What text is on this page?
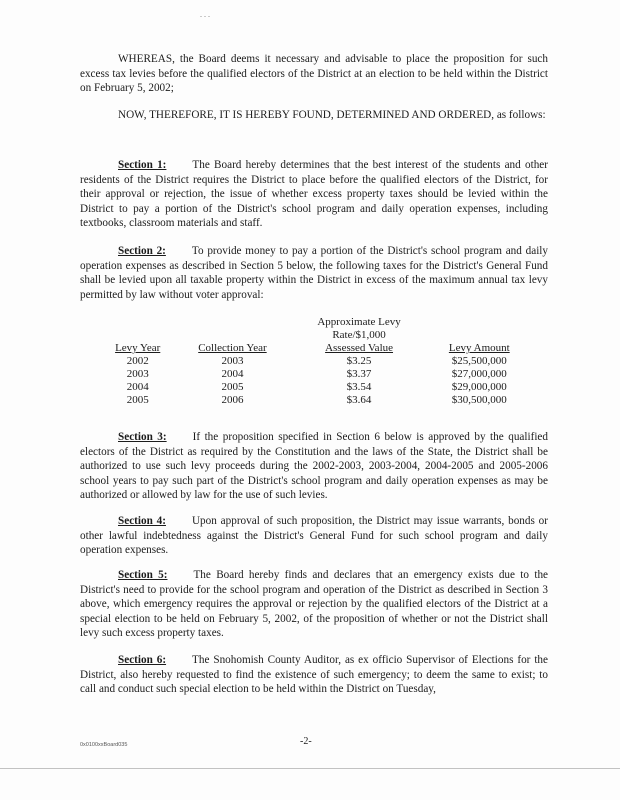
. . .

WHEREAS, the Board deems it necessary and advisable to place the proposition for such excess tax levies before the qualified electors of the District at an election to be held within the District on February 5, 2002;

NOW, THEREFORE, IT IS HEREBY FOUND, DETERMINED AND ORDERED, as follows:

Section 1: The Board hereby determines that the best interest of the students and other residents of the District requires the District to place before the qualified electors of the District, for their approval or rejection, the issue of whether excess property taxes should be levied within the District to pay a portion of the District's school program and daily operation expenses, including textbooks, classroom materials and staff.

Section 2: To provide money to pay a portion of the District's school program and daily operation expenses as described in Section 5 below, the following taxes for the District's General Fund shall be levied upon all taxable property within the District in excess of the maximum annual tax levy permitted by law without voter approval:

		Approximate Levy	
		Rate/$1,000	
Levy Year	Collection Year	Assessed Value	Levy Amount
2002	2003	$3.25	$25,500,000
2003	2004	$3.37	$27,000,000
2004	2005	$3.54	$29,000,000
2005	2006	$3.64	$30,500,000

Section 3: If the proposition specified in Section 6 below is approved by the qualified electors of the District as required by the Constitution and the laws of the State, the District shall be authorized to use such levy proceeds during the 2002-2003, 2003-2004, 2004-2005 and 2005-2006 school years to pay such part of the District's school program and daily operation expenses as may be authorized or allowed by law for the use of such levies.

Section 4: Upon approval of such proposition, the District may issue warrants, bonds or other lawful indebtedness against the District's General Fund for such school program and daily operation expenses.

Section 5: The Board hereby finds and declares that an emergency exists due to the District's need to provide for the school program and operation of the District as described in Section 3 above, which emergency requires the approval or rejection by the qualified electors of the District at a special election to be held on February 5, 2002, of the proposition of whether or not the District shall levy such excess property taxes.

Section 6: The Snohomish County Auditor, as ex officio Supervisor of Elections for the District, also hereby requested to find the existence of such emergency; to deem the same to exist; to call and conduct such special election to be held within the District on Tuesday,

0x0100xxBoard035	-2-
